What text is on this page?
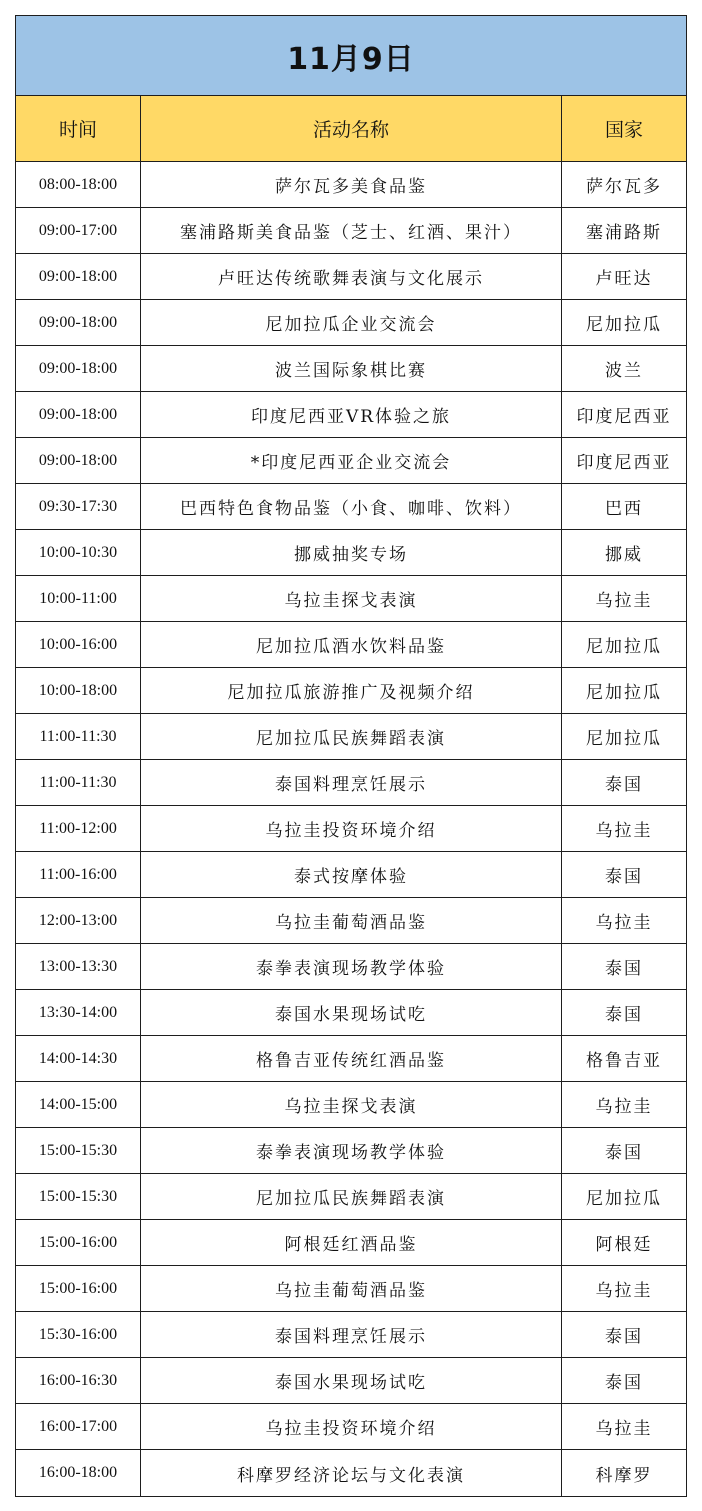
11月9日
时间	活动名称	国家
08:00-18:00	萨尔瓦多美食品鉴	萨尔瓦多
09:00-17:00	塞浦路斯美食品鉴（芝士、红酒、果汁）	塞浦路斯
09:00-18:00	卢旺达传统歌舞表演与文化展示	卢旺达
09:00-18:00	尼加拉瓜企业交流会	尼加拉瓜
09:00-18:00	波兰国际象棋比赛	波兰
09:00-18:00	印度尼西亚VR体验之旅	印度尼西亚
09:00-18:00	*印度尼西亚企业交流会	印度尼西亚
09:30-17:30	巴西特色食物品鉴（小食、咖啡、饮料）	巴西
10:00-10:30	挪威抽奖专场	挪威
10:00-11:00	乌拉圭探戈表演	乌拉圭
10:00-16:00	尼加拉瓜酒水饮料品鉴	尼加拉瓜
10:00-18:00	尼加拉瓜旅游推广及视频介绍	尼加拉瓜
11:00-11:30	尼加拉瓜民族舞蹈表演	尼加拉瓜
11:00-11:30	泰国料理烹饪展示	泰国
11:00-12:00	乌拉圭投资环境介绍	乌拉圭
11:00-16:00	泰式按摩体验	泰国
12:00-13:00	乌拉圭葡萄酒品鉴	乌拉圭
13:00-13:30	泰拳表演现场教学体验	泰国
13:30-14:00	泰国水果现场试吃	泰国
14:00-14:30	格鲁吉亚传统红酒品鉴	格鲁吉亚
14:00-15:00	乌拉圭探戈表演	乌拉圭
15:00-15:30	泰拳表演现场教学体验	泰国
15:00-15:30	尼加拉瓜民族舞蹈表演	尼加拉瓜
15:00-16:00	阿根廷红酒品鉴	阿根廷
15:00-16:00	乌拉圭葡萄酒品鉴	乌拉圭
15:30-16:00	泰国料理烹饪展示	泰国
16:00-16:30	泰国水果现场试吃	泰国
16:00-17:00	乌拉圭投资环境介绍	乌拉圭
16:00-18:00	科摩罗经济论坛与文化表演	科摩罗
